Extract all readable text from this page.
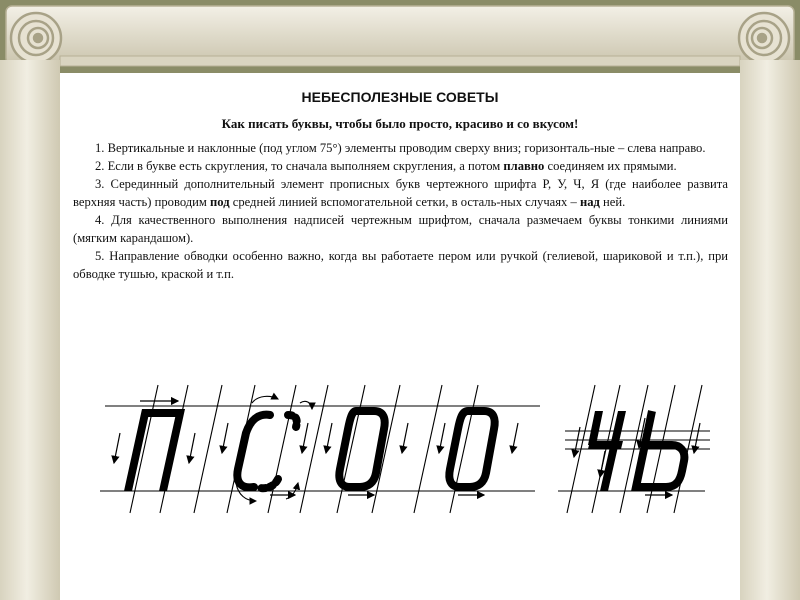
НЕБЕСПОЛЕЗНЫЕ СОВЕТЫ
Как писать буквы, чтобы было просто, красиво и со вкусом!

1. Вертикальные и наклонные (под углом 75°) элементы проводим сверху вниз; горизонталь-ные – слева направо.

2. Если в букве есть скругления, то сначала выполняем скругления, а потом плавно соединяем их прямыми.

3. Серединный дополнительный элемент прописных букв чертежного шрифта Р, У, Ч, Я (где наиболее развита верхняя часть) проводим под средней линией вспомогательной сетки, в осталь-ных случаях – над ней.

4. Для качественного выполнения надписей чертежным шрифтом, сначала размечаем буквы тонкими линиями (мягким карандашом).

5. Направление обводки особенно важно, когда вы работаете пером или ручкой (гелиевой, шариковой и т.п.), при обводке тушью, краской и т.п.
